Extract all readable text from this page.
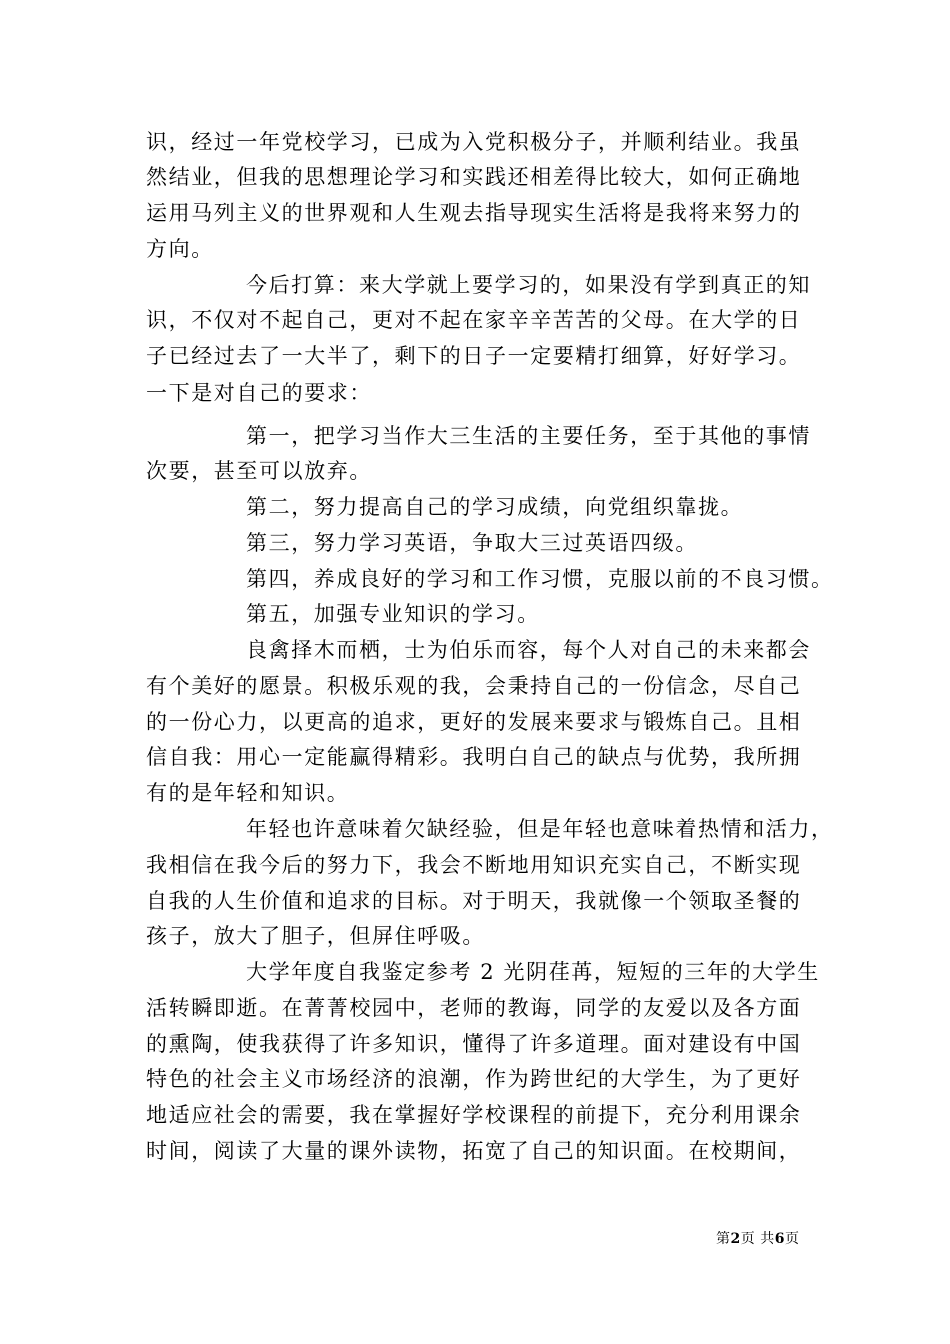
识，经过一年党校学习，已成为入党积极分子，并顺利结业。我虽
然结业，但我的思想理论学习和实践还相差得比较大，如何正确地
运用马列主义的世界观和人生观去指导现实生活将是我将来努力的
方向。
今后打算：来大学就上要学习的，如果没有学到真正的知
识，不仅对不起自己，更对不起在家辛辛苦苦的父母。在大学的日
子已经过去了一大半了，剩下的日子一定要精打细算，好好学习。
一下是对自己的要求：
第一，把学习当作大三生活的主要任务，至于其他的事情
次要，甚至可以放弃。
第二，努力提高自己的学习成绩，向党组织靠拢。
第三，努力学习英语，争取大三过英语四级。
第四，养成良好的学习和工作习惯，克服以前的不良习惯。
第五，加强专业知识的学习。
良禽择木而栖，士为伯乐而容，每个人对自己的未来都会
有个美好的愿景。积极乐观的我，会秉持自己的一份信念，尽自己
的一份心力，以更高的追求，更好的发展来要求与锻炼自己。且相
信自我：用心一定能赢得精彩。我明白自己的缺点与优势，我所拥
有的是年轻和知识。
年轻也许意味着欠缺经验，但是年轻也意味着热情和活力，
我相信在我今后的努力下，我会不断地用知识充实自己，不断实现
自我的人生价值和追求的目标。对于明天，我就像一个领取圣餐的
孩子，放大了胆子，但屏住呼吸。
大学年度自我鉴定参考 2 光阴荏苒，短短的三年的大学生
活转瞬即逝。在菁菁校园中，老师的教诲，同学的友爱以及各方面
的熏陶，使我获得了许多知识，懂得了许多道理。面对建设有中国
特色的社会主义市场经济的浪潮，作为跨世纪的大学生，为了更好
地适应社会的需要，我在掌握好学校课程的前提下，充分利用课余
时间，阅读了大量的课外读物，拓宽了自己的知识面。在校期间，
第2页 共6页
